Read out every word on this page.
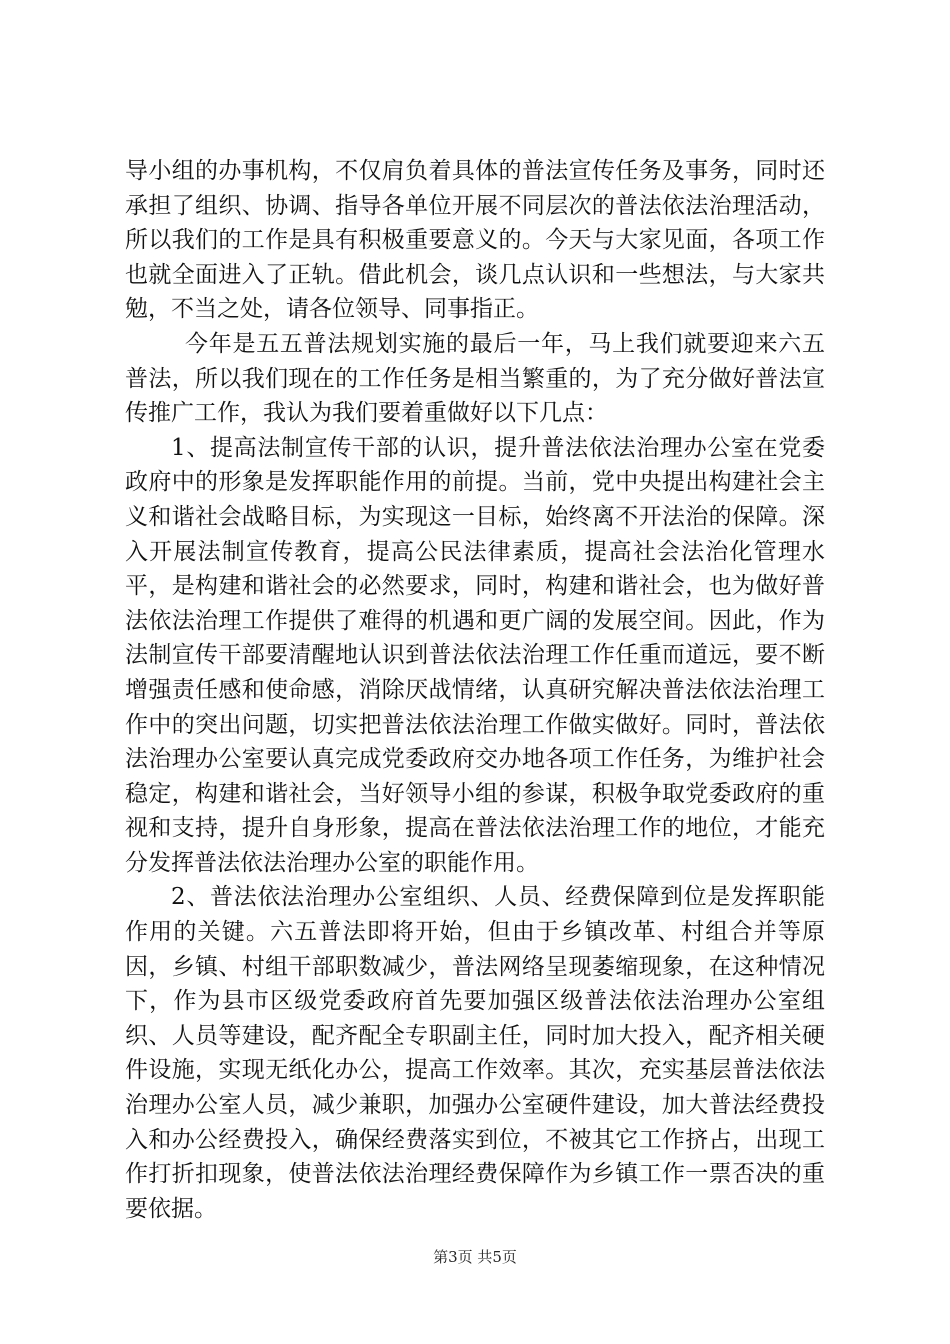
导小组的办事机构，不仅肩负着具体的普法宣传任务及事务，同时还承担了组织、协调、指导各单位开展不同层次的普法依法治理活动，所以我们的工作是具有积极重要意义的。今天与大家见面，各项工作也就全面进入了正轨。借此机会，谈几点认识和一些想法，与大家共勉，不当之处，请各位领导、同事指正。

今年是五五普法规划实施的最后一年，马上我们就要迎来六五普法，所以我们现在的工作任务是相当繁重的，为了充分做好普法宣传推广工作，我认为我们要着重做好以下几点：

1、提高法制宣传干部的认识，提升普法依法治理办公室在党委政府中的形象是发挥职能作用的前提。当前，党中央提出构建社会主义和谐社会战略目标，为实现这一目标，始终离不开法治的保障。深入开展法制宣传教育，提高公民法律素质，提高社会法治化管理水平，是构建和谐社会的必然要求，同时，构建和谐社会，也为做好普法依法治理工作提供了难得的机遇和更广阔的发展空间。因此，作为法制宣传干部要清醒地认识到普法依法治理工作任重而道远，要不断增强责任感和使命感，消除厌战情绪，认真研究解决普法依法治理工作中的突出问题，切实把普法依法治理工作做实做好。同时，普法依法治理办公室要认真完成党委政府交办地各项工作任务，为维护社会稳定，构建和谐社会，当好领导小组的参谋，积极争取党委政府的重视和支持，提升自身形象，提高在普法依法治理工作的地位，才能充分发挥普法依法治理办公室的职能作用。

2、普法依法治理办公室组织、人员、经费保障到位是发挥职能作用的关键。六五普法即将开始，但由于乡镇改革、村组合并等原因，乡镇、村组干部职数减少，普法网络呈现萎缩现象，在这种情况下，作为县市区级党委政府首先要加强区级普法依法治理办公室组织、人员等建设，配齐配全专职副主任，同时加大投入，配齐相关硬件设施，实现无纸化办公，提高工作效率。其次，充实基层普法依法治理办公室人员，减少兼职，加强办公室硬件建设，加大普法经费投入和办公经费投入，确保经费落实到位，不被其它工作挤占，出现工作打折扣现象，使普法依法治理经费保障作为乡镇工作一票否决的重要依据。

第3页 共5页
